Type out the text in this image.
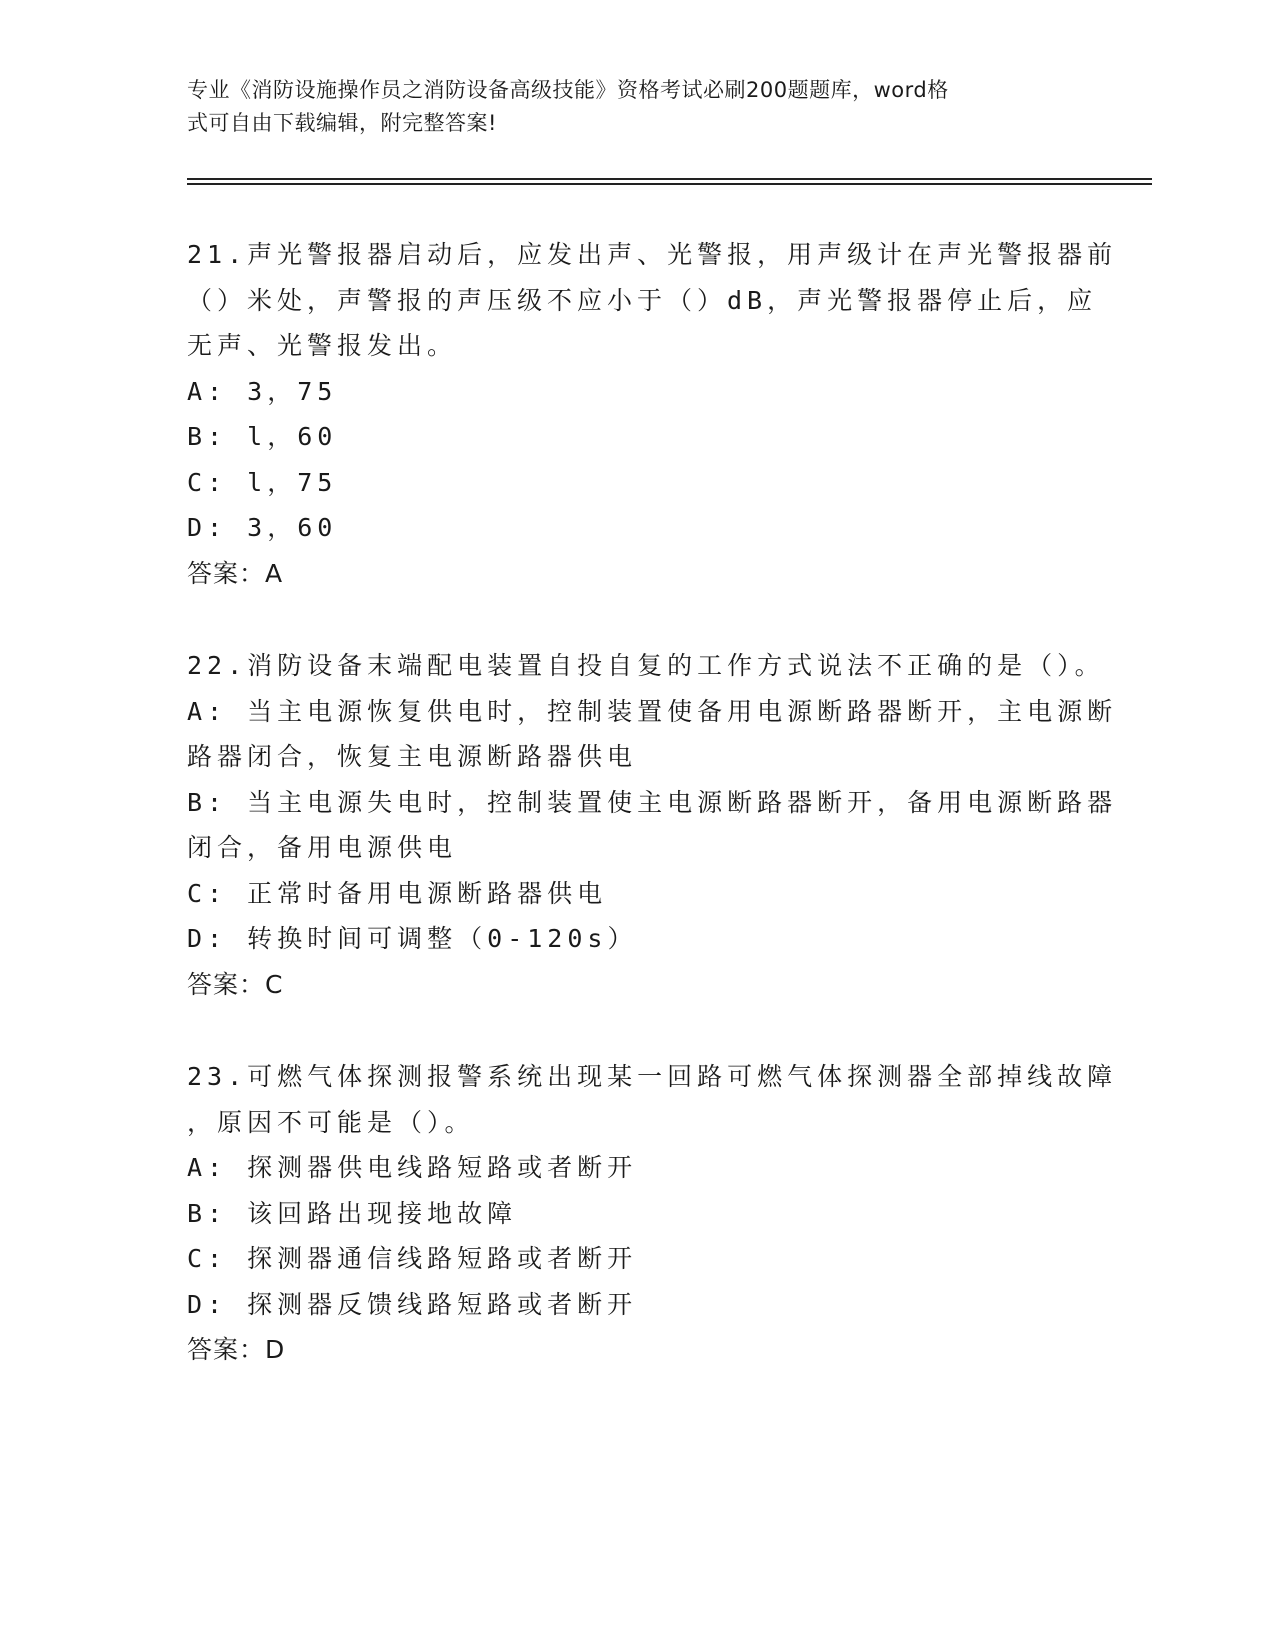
专业《消防设施操作员之消防设备高级技能》资格考试必刷200题题库，word格
式可自由下载编辑，附完整答案!
21.声光警报器启动后，应发出声、光警报，用声级计在声光警报器前
（）米处，声警报的声压级不应小于（）dB，声光警报器停止后，应
无声、光警报发出。
A: 3，75
B: l，60
C: l，75
D: 3，60
答案：A
22.消防设备末端配电装置自投自复的工作方式说法不正确的是（）。
A: 当主电源恢复供电时，控制装置使备用电源断路器断开，主电源断
路器闭合，恢复主电源断路器供电
B: 当主电源失电时，控制装置使主电源断路器断开，备用电源断路器
闭合，备用电源供电
C: 正常时备用电源断路器供电
D: 转换时间可调整（0-120s）
答案：C
23.可燃气体探测报警系统出现某一回路可燃气体探测器全部掉线故障
，原因不可能是（）。
A: 探测器供电线路短路或者断开
B: 该回路出现接地故障
C: 探测器通信线路短路或者断开
D: 探测器反馈线路短路或者断开
答案：D
